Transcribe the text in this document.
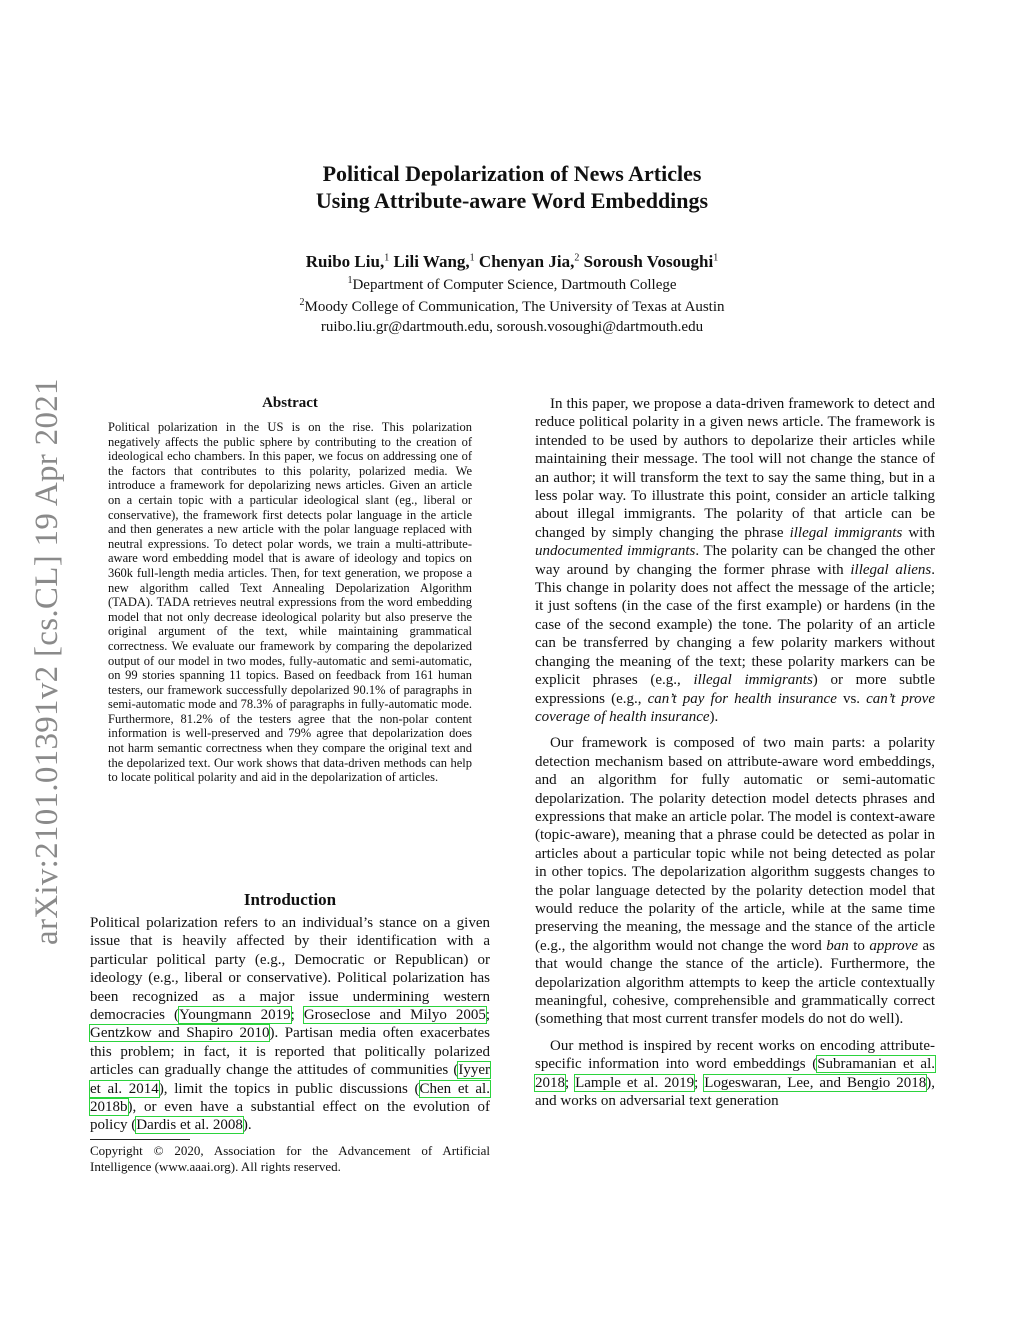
arXiv:2101.01391v2 [cs.CL] 19 Apr 2021
Political Depolarization of News Articles
Using Attribute-aware Word Embeddings
Ruibo Liu,$^1$ Lili Wang,$^1$ Chenyan Jia,$^2$ Soroush Vosoughi$^1$
$^1$Department of Computer Science, Dartmouth College
$^2$Moody College of Communication, The University of Texas at Austin
ruibo.liu.gr@dartmouth.edu, soroush.vosoughi@dartmouth.edu
Abstract
Political polarization in the US is on the rise. This polarization negatively affects the public sphere by contributing to the creation of ideological echo chambers. In this paper, we focus on addressing one of the factors that contributes to this polarity, polarized media. We introduce a framework for depolarizing news articles. Given an article on a certain topic with a particular ideological slant (eg., liberal or conservative), the framework first detects polar language in the article and then generates a new article with the polar language replaced with neutral expressions. To detect polar words, we train a multi-attribute-aware word embedding model that is aware of ideology and topics on 360k full-length media articles. Then, for text generation, we propose a new algorithm called Text Annealing Depolarization Algorithm (TADA). TADA retrieves neutral expressions from the word embedding model that not only decrease ideological polarity but also preserve the original argument of the text, while maintaining grammatical correctness. We evaluate our framework by comparing the depolarized output of our model in two modes, fully-automatic and semi-automatic, on 99 stories spanning 11 topics. Based on feedback from 161 human testers, our framework successfully depolarized 90.1% of paragraphs in semi-automatic mode and 78.3% of paragraphs in fully-automatic mode. Furthermore, 81.2% of the testers agree that the non-polar content information is well-preserved and 79% agree that depolarization does not harm semantic correctness when they compare the original text and the depolarized text. Our work shows that data-driven methods can help to locate political polarity and aid in the depolarization of articles.
Introduction

Political polarization refers to an individual’s stance on a given issue that is heavily affected by their identification with a particular political party (e.g., Democratic or Republican) or ideology (e.g., liberal or conservative). Political polarization has been recognized as a major issue undermining western democracies (Youngmann 2019; Groseclose and Milyo 2005; Gentzkow and Shapiro 2010). Partisan media often exacerbates this problem; in fact, it is reported that politically polarized articles can gradually change the attitudes of communities (Iyyer et al. 2014), limit the topics in public discussions (Chen et al. 2018b), or even have a substantial effect on the evolution of policy (Dardis et al. 2008).

Copyright © 2020, Association for the Advancement of Artificial Intelligence (www.aaai.org). All rights reserved.

In this paper, we propose a data-driven framework to detect and reduce political polarity in a given news article. The framework is intended to be used by authors to depolarize their articles while maintaining their message. The tool will not change the stance of an author; it will transform the text to say the same thing, but in a less polar way. To illustrate this point, consider an article talking about illegal immigrants. The polarity of that article can be changed by simply changing the phrase illegal immigrants with undocumented immigrants. The polarity can be changed the other way around by changing the former phrase with illegal aliens. This change in polarity does not affect the message of the article; it just softens (in the case of the first example) or hardens (in the case of the second example) the tone. The polarity of an article can be transferred by changing a few polarity markers without changing the meaning of the text; these polarity markers can be explicit phrases (e.g., illegal immigrants) or more subtle expressions (e.g., can’t pay for health insurance vs. can’t prove coverage of health insurance).

Our framework is composed of two main parts: a polarity detection mechanism based on attribute-aware word embeddings, and an algorithm for fully automatic or semi-automatic depolarization. The polarity detection model detects phrases and expressions that make an article polar. The model is context-aware (topic-aware), meaning that a phrase could be detected as polar in articles about a particular topic while not being detected as polar in other topics. The depolarization algorithm suggests changes to the polar language detected by the polarity detection model that would reduce the polarity of the article, while at the same time preserving the meaning, the message and the stance of the article (e.g., the algorithm would not change the word ban to approve as that would change the stance of the article). Furthermore, the depolarization algorithm attempts to keep the article contextually meaningful, cohesive, comprehensible and grammatically correct (something that most current transfer models do not do well).

Our method is inspired by recent works on encoding attribute-specific information into word embeddings (Subramanian et al. 2018; Lample et al. 2019; Logeswaran, Lee, and Bengio 2018), and works on adversarial text generation
